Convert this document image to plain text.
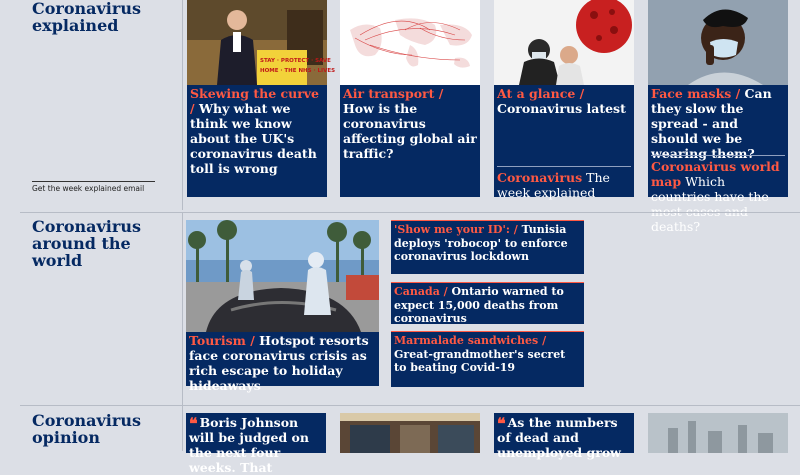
Coronavirus explained
Get the week explained email
STAY · PROTECT · SAVE
HOME · THE NHS · LIVES
Skewing the curve / Why what we think we know about the UK's coronavirus death toll is wrong
Air transport / How is the coronavirus affecting global air traffic?
At a glance / Coronavirus latest
Coronavirus The week explained
Face masks / Can they slow the spread - and should we be wearing them?
Coronavirus world map Which countries have the most cases and deaths?
Coronavirus around the world
Tourism / Hotspot resorts face coronavirus crisis as rich escape to holiday hideaways
'Show me your ID': / Tunisia deploys 'robocop' to enforce coronavirus lockdown
Canada / Ontario warned to expect 15,000 deaths from coronavirus
Marmalade sandwiches / Great-grandmother's secret to beating Covid-19
Coronavirus opinion
❝ Boris Johnson will be judged on the next four weeks. That
❝ As the numbers of dead and unemployed grow
